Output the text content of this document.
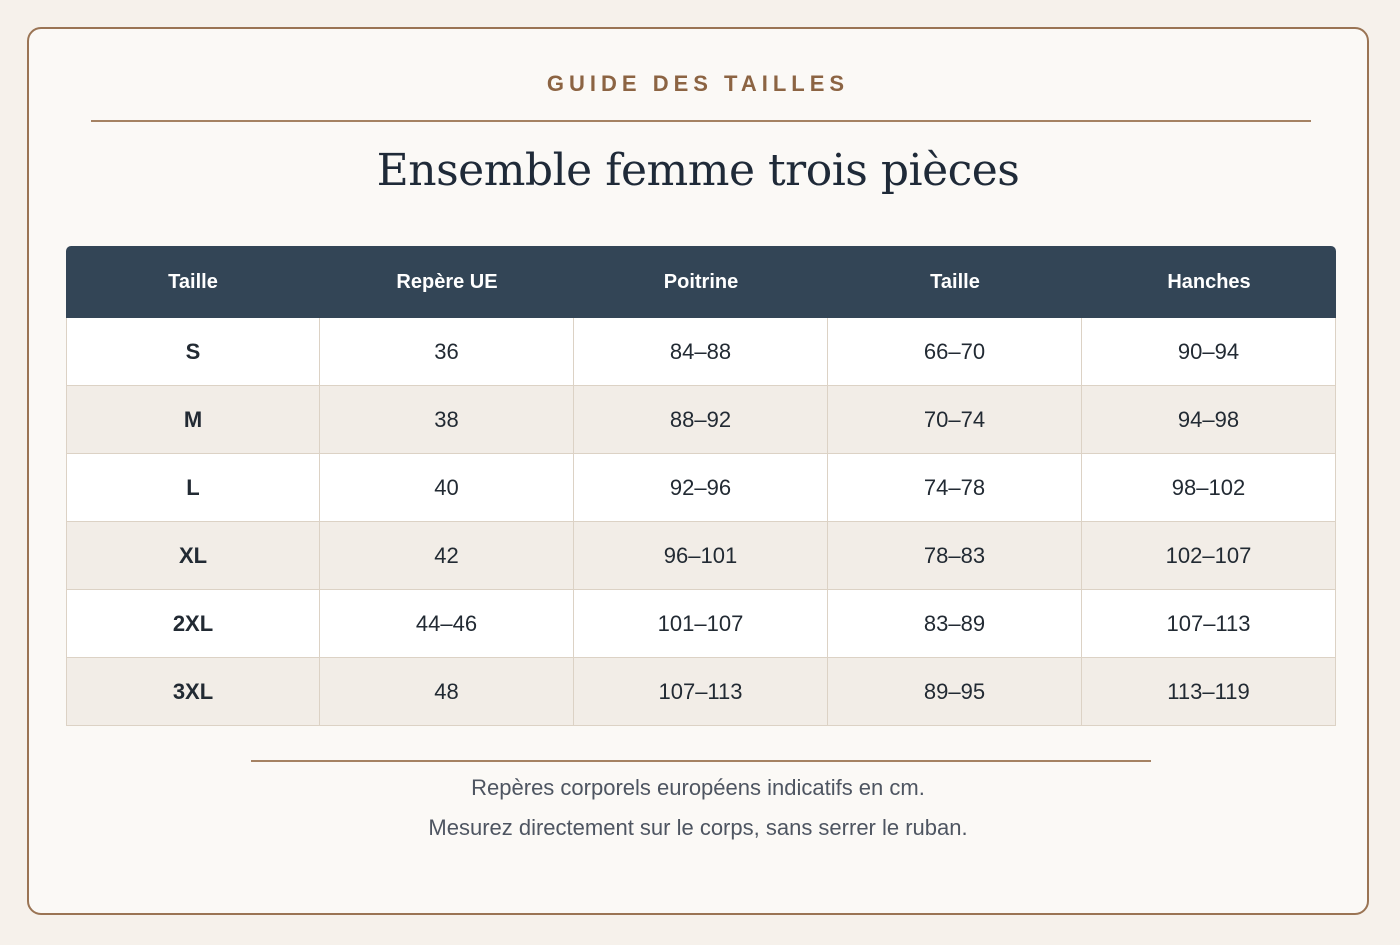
GUIDE DES TAILLES
Ensemble femme trois pièces
Taille	Repère UE	Poitrine	Taille	Hanches
S	36	84–88	66–70	90–94
M	38	88–92	70–74	94–98
L	40	92–96	74–78	98–102
XL	42	96–101	78–83	102–107
2XL	44–46	101–107	83–89	107–113
3XL	48	107–113	89–95	113–119
Repères corporels européens indicatifs en cm.
Mesurez directement sur le corps, sans serrer le ruban.
